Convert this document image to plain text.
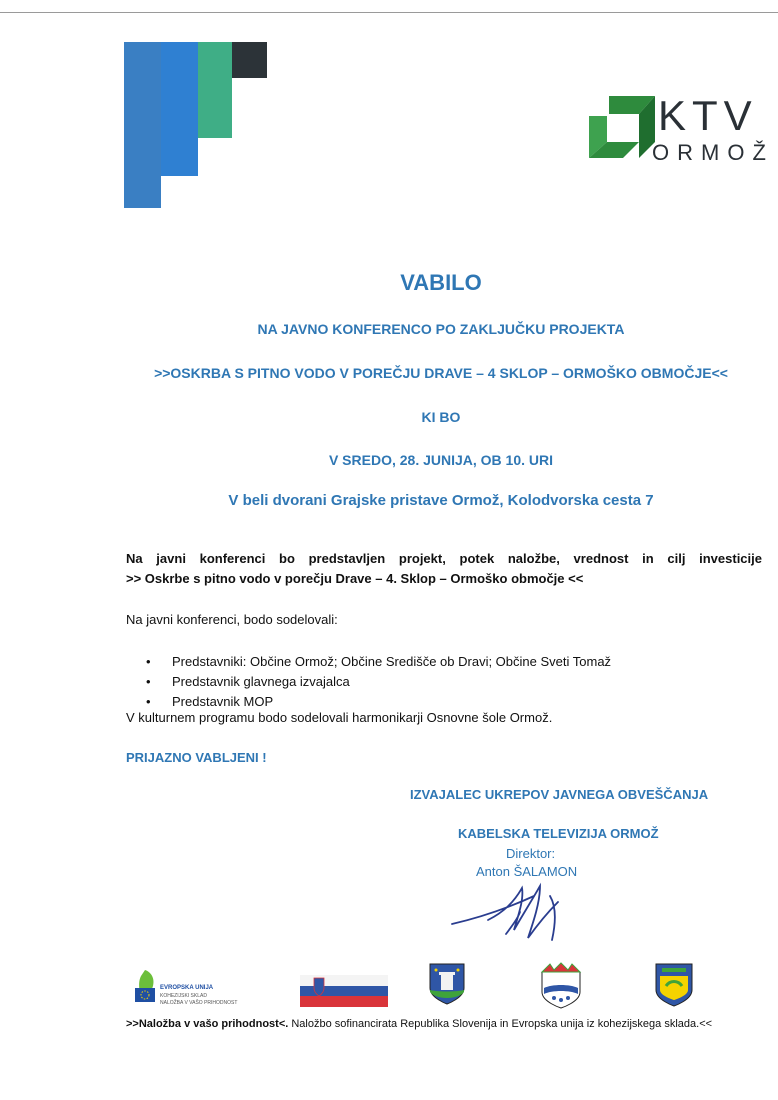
KTV
ORMOŽ
VABILO
NA JAVNO KONFERENCO PO ZAKLJUČKU PROJEKTA
>>OSKRBA S PITNO VODO V POREČJU DRAVE – 4 SKLOP – ORMOŠKO OBMOČJE<<
KI BO
V SREDO, 28. JUNIJA, OB 10. URI
V beli dvorani Grajske pristave Ormož, Kolodvorska cesta 7
Na javni konferenci bo predstavljen projekt, potek naložbe, vrednost in cilj investicije
>> Oskrbe s pitno vodo v porečju Drave – 4. Sklop – Ormoško območje <<
Na javni konferenci, bodo sodelovali:
• Predstavniki: Občine Ormož; Občine Središče ob Dravi; Občine Sveti Tomaž
• Predstavnik glavnega izvajalca
• Predstavnik MOP
V kulturnem programu bodo sodelovali harmonikarji Osnovne šole Ormož.
PRIJAZNO VABLJENI !
IZVAJALEC UKREPOV JAVNEGA OBVEŠČANJA
KABELSKA TELEVIZIJA ORMOŽ
Direktor:
Anton ŠALAMON
EVROPSKA UNIJA
KOHEZIJSKI SKLAD
NALOŽBA V VAŠO PRIHODNOST
>>Naložba v vašo prihodnost<. Naložbo sofinancirata Republika Slovenija in Evropska unija iz kohezijskega sklada.<<
